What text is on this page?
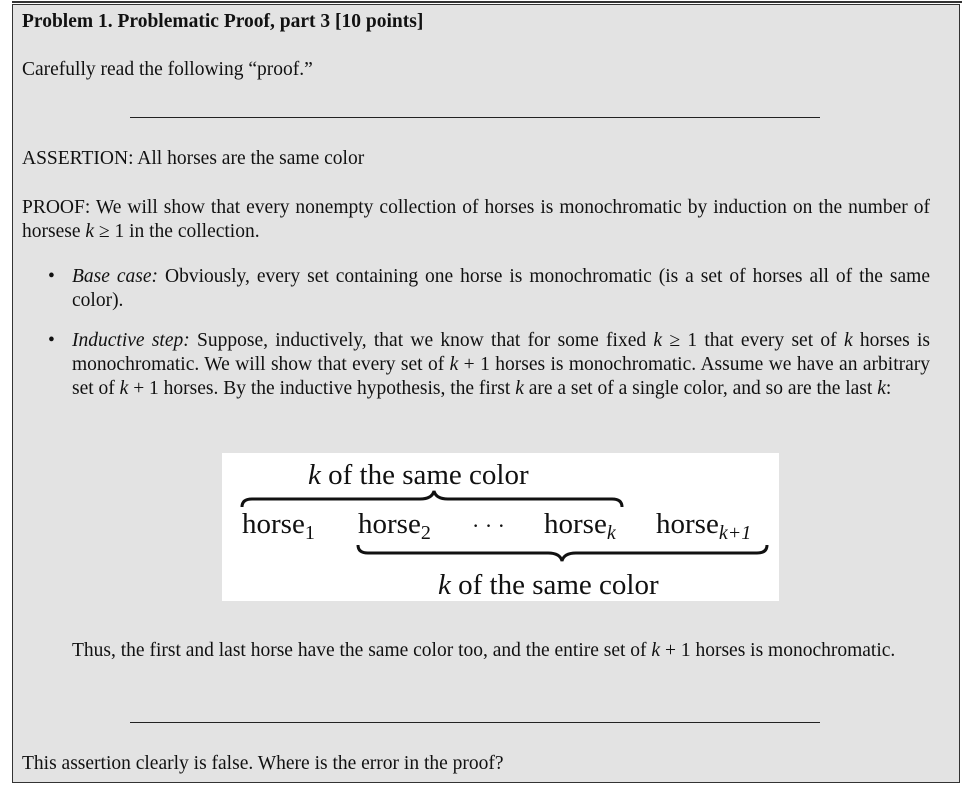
Problem 1. Problematic Proof, part 3 [10 points]
Carefully read the following “proof.”
ASSERTION: All horses are the same color
PROOF: We will show that every nonempty collection of horses is monochromatic by induction on the number of horsese k ≥ 1 in the collection.
• Base case: Obviously, every set containing one horse is monochromatic (is a set of horses all of the same color).
• Inductive step: Suppose, inductively, that we know that for some fixed k ≥ 1 that every set of k horses is monochromatic. We will show that every set of k + 1 horses is monochromatic. Assume we have an arbitrary set of k + 1 horses. By the inductive hypothesis, the first k are a set of a single color, and so are the last k:
k of the same color
horse$_1$ horse$_2$ · · · horse$_k$ horse$_{k+1}$
k of the same color
Thus, the first and last horse have the same color too, and the entire set of k + 1 horses is monochromatic.
This assertion clearly is false. Where is the error in the proof?
